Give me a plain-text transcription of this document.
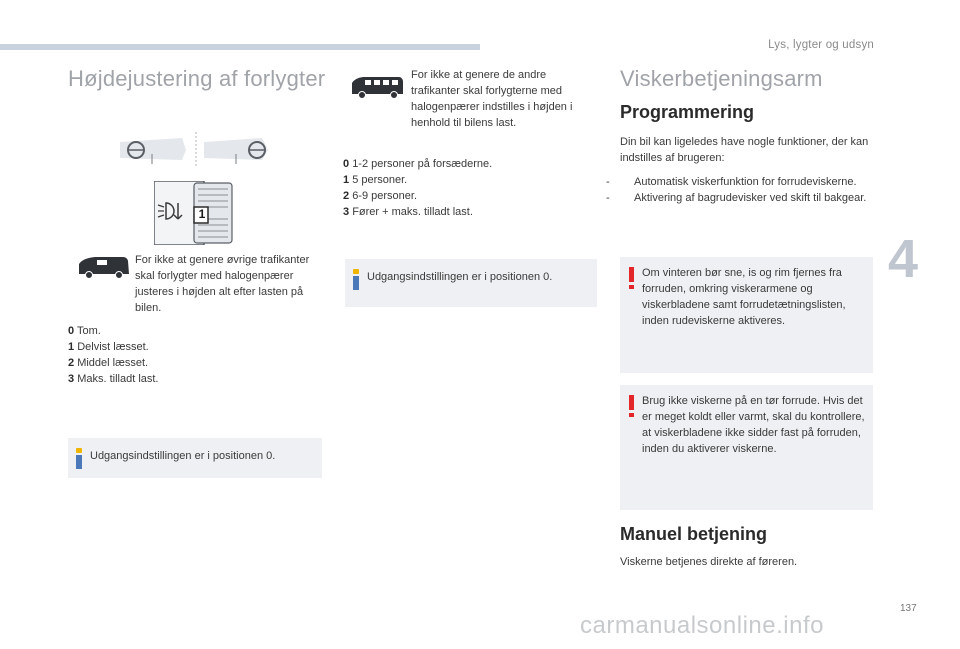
Lys, lygter og udsyn
4
137
carmanualsonline.info
Højdejustering af forlygter
1
For ikke at genere øvrige trafikanter skal forlygter med halogenpærer justeres i højden alt efter lasten på bilen.
0 Tom.
1 Delvist læsset.
2 Middel læsset.
3 Maks. tilladt last.
Udgangsindstillingen er i positionen 0.
For ikke at genere de andre trafikanter skal forlygterne med halogenpærer indstilles i højden i henhold til bilens last.
0 1-2 personer på forsæderne.
1 5 personer.
2 6-9 personer.
3 Fører + maks. tilladt last.
Udgangsindstillingen er i positionen 0.
Viskerbetjeningsarm
Programmering
Din bil kan ligeledes have nogle funktioner, der kan indstilles af brugeren:
- Automatisk viskerfunktion for forrudeviskerne.
- Aktivering af bagrudevisker ved skift til bakgear.
Om vinteren bør sne, is og rim fjernes fra forruden, omkring viskerarmene og viskerbladene samt forrudetætningslisten, inden rudeviskerne aktiveres.
Brug ikke viskerne på en tør forrude. Hvis det er meget koldt eller varmt, skal du kontrollere, at viskerbladene ikke sidder fast på forruden, inden du aktiverer viskerne.
Manuel betjening
Viskerne betjenes direkte af føreren.
